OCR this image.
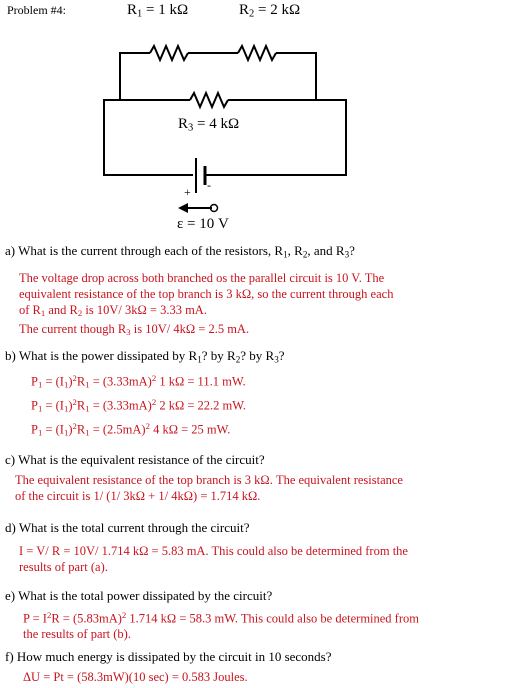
Problem #4:	$R_1 = 1$ kΩ	$R_2 = 2$ kΩ
$R_3 = 4$ kΩ
+ -
ε = 10 V
a) What is the current through each of the resistors, $R_1$, $R_2$, and $R_3$?
The voltage drop across both branched os the parallel circuit is 10 V. The
equivalent resistance of the top branch is 3 kΩ, so the current through each
of $R_1$ and $R_2$ is 10V/ 3kΩ = 3.33 mA.
The current though $R_3$ is 10V/ 4kΩ = 2.5 mA.
b) What is the power dissipated by $R_1$? by $R_2$? by $R_3$?
$P_1 = (I_1)^2R_1 = (3.33mA)^2$ 1 kΩ = 11.1 mW.
$P_1 = (I_1)^2R_1 = (3.33mA)^2$ 2 kΩ = 22.2 mW.
$P_1 = (I_1)^2R_1 = (2.5mA)^2$ 4 kΩ = 25 mW.
c) What is the equivalent resistance of the circuit?
The equivalent resistance of the top branch is 3 kΩ. The equivalent resistance
of the circuit is 1/ (1/ 3kΩ + 1/ 4kΩ) = 1.714 kΩ.
d) What is the total current through the circuit?
I = V/ R = 10V/ 1.714 kΩ = 5.83 mA. This could also be determined from the
results of part (a).
e) What is the total power dissipated by the circuit?
$P = I^2R = (5.83mA)^2$ 1.714 kΩ = 58.3 mW. This could also be determined from
the results of part (b).
f) How much energy is dissipated by the circuit in 10 seconds?
ΔU = Pt = (58.3mW)(10 sec) = 0.583 Joules.
